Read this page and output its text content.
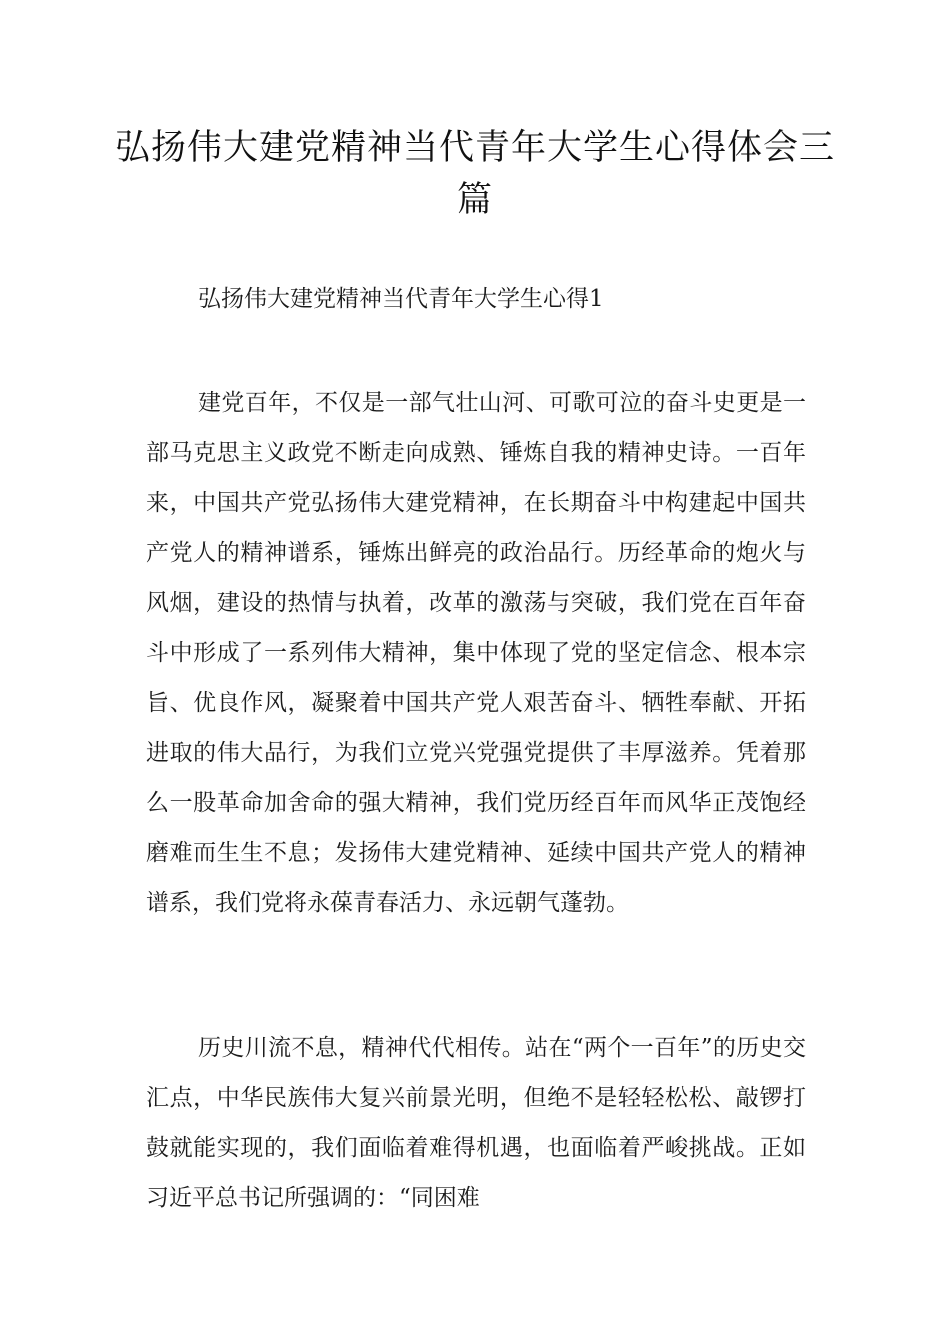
弘扬伟大建党精神当代青年大学生心得体会三篇
弘扬伟大建党精神当代青年大学生心得1

建党百年，不仅是一部气壮山河、可歌可泣的奋斗史更是一部马克思主义政党不断走向成熟、锤炼自我的精神史诗。一百年来，中国共产党弘扬伟大建党精神，在长期奋斗中构建起中国共产党人的精神谱系，锤炼出鲜亮的政治品行。历经革命的炮火与风烟，建设的热情与执着，改革的激荡与突破，我们党在百年奋斗中形成了一系列伟大精神，集中体现了党的坚定信念、根本宗旨、优良作风，凝聚着中国共产党人艰苦奋斗、牺牲奉献、开拓进取的伟大品行，为我们立党兴党强党提供了丰厚滋养。凭着那么一股革命加舍命的强大精神，我们党历经百年而风华正茂饱经磨难而生生不息；发扬伟大建党精神、延续中国共产党人的精神谱系，我们党将永葆青春活力、永远朝气蓬勃。

历史川流不息，精神代代相传。站在“两个一百年”的历史交汇点，中华民族伟大复兴前景光明，但绝不是轻轻松松、敲锣打鼓就能实现的，我们面临着难得机遇，也面临着严峻挑战。正如习近平总书记所强调的：“同困难
